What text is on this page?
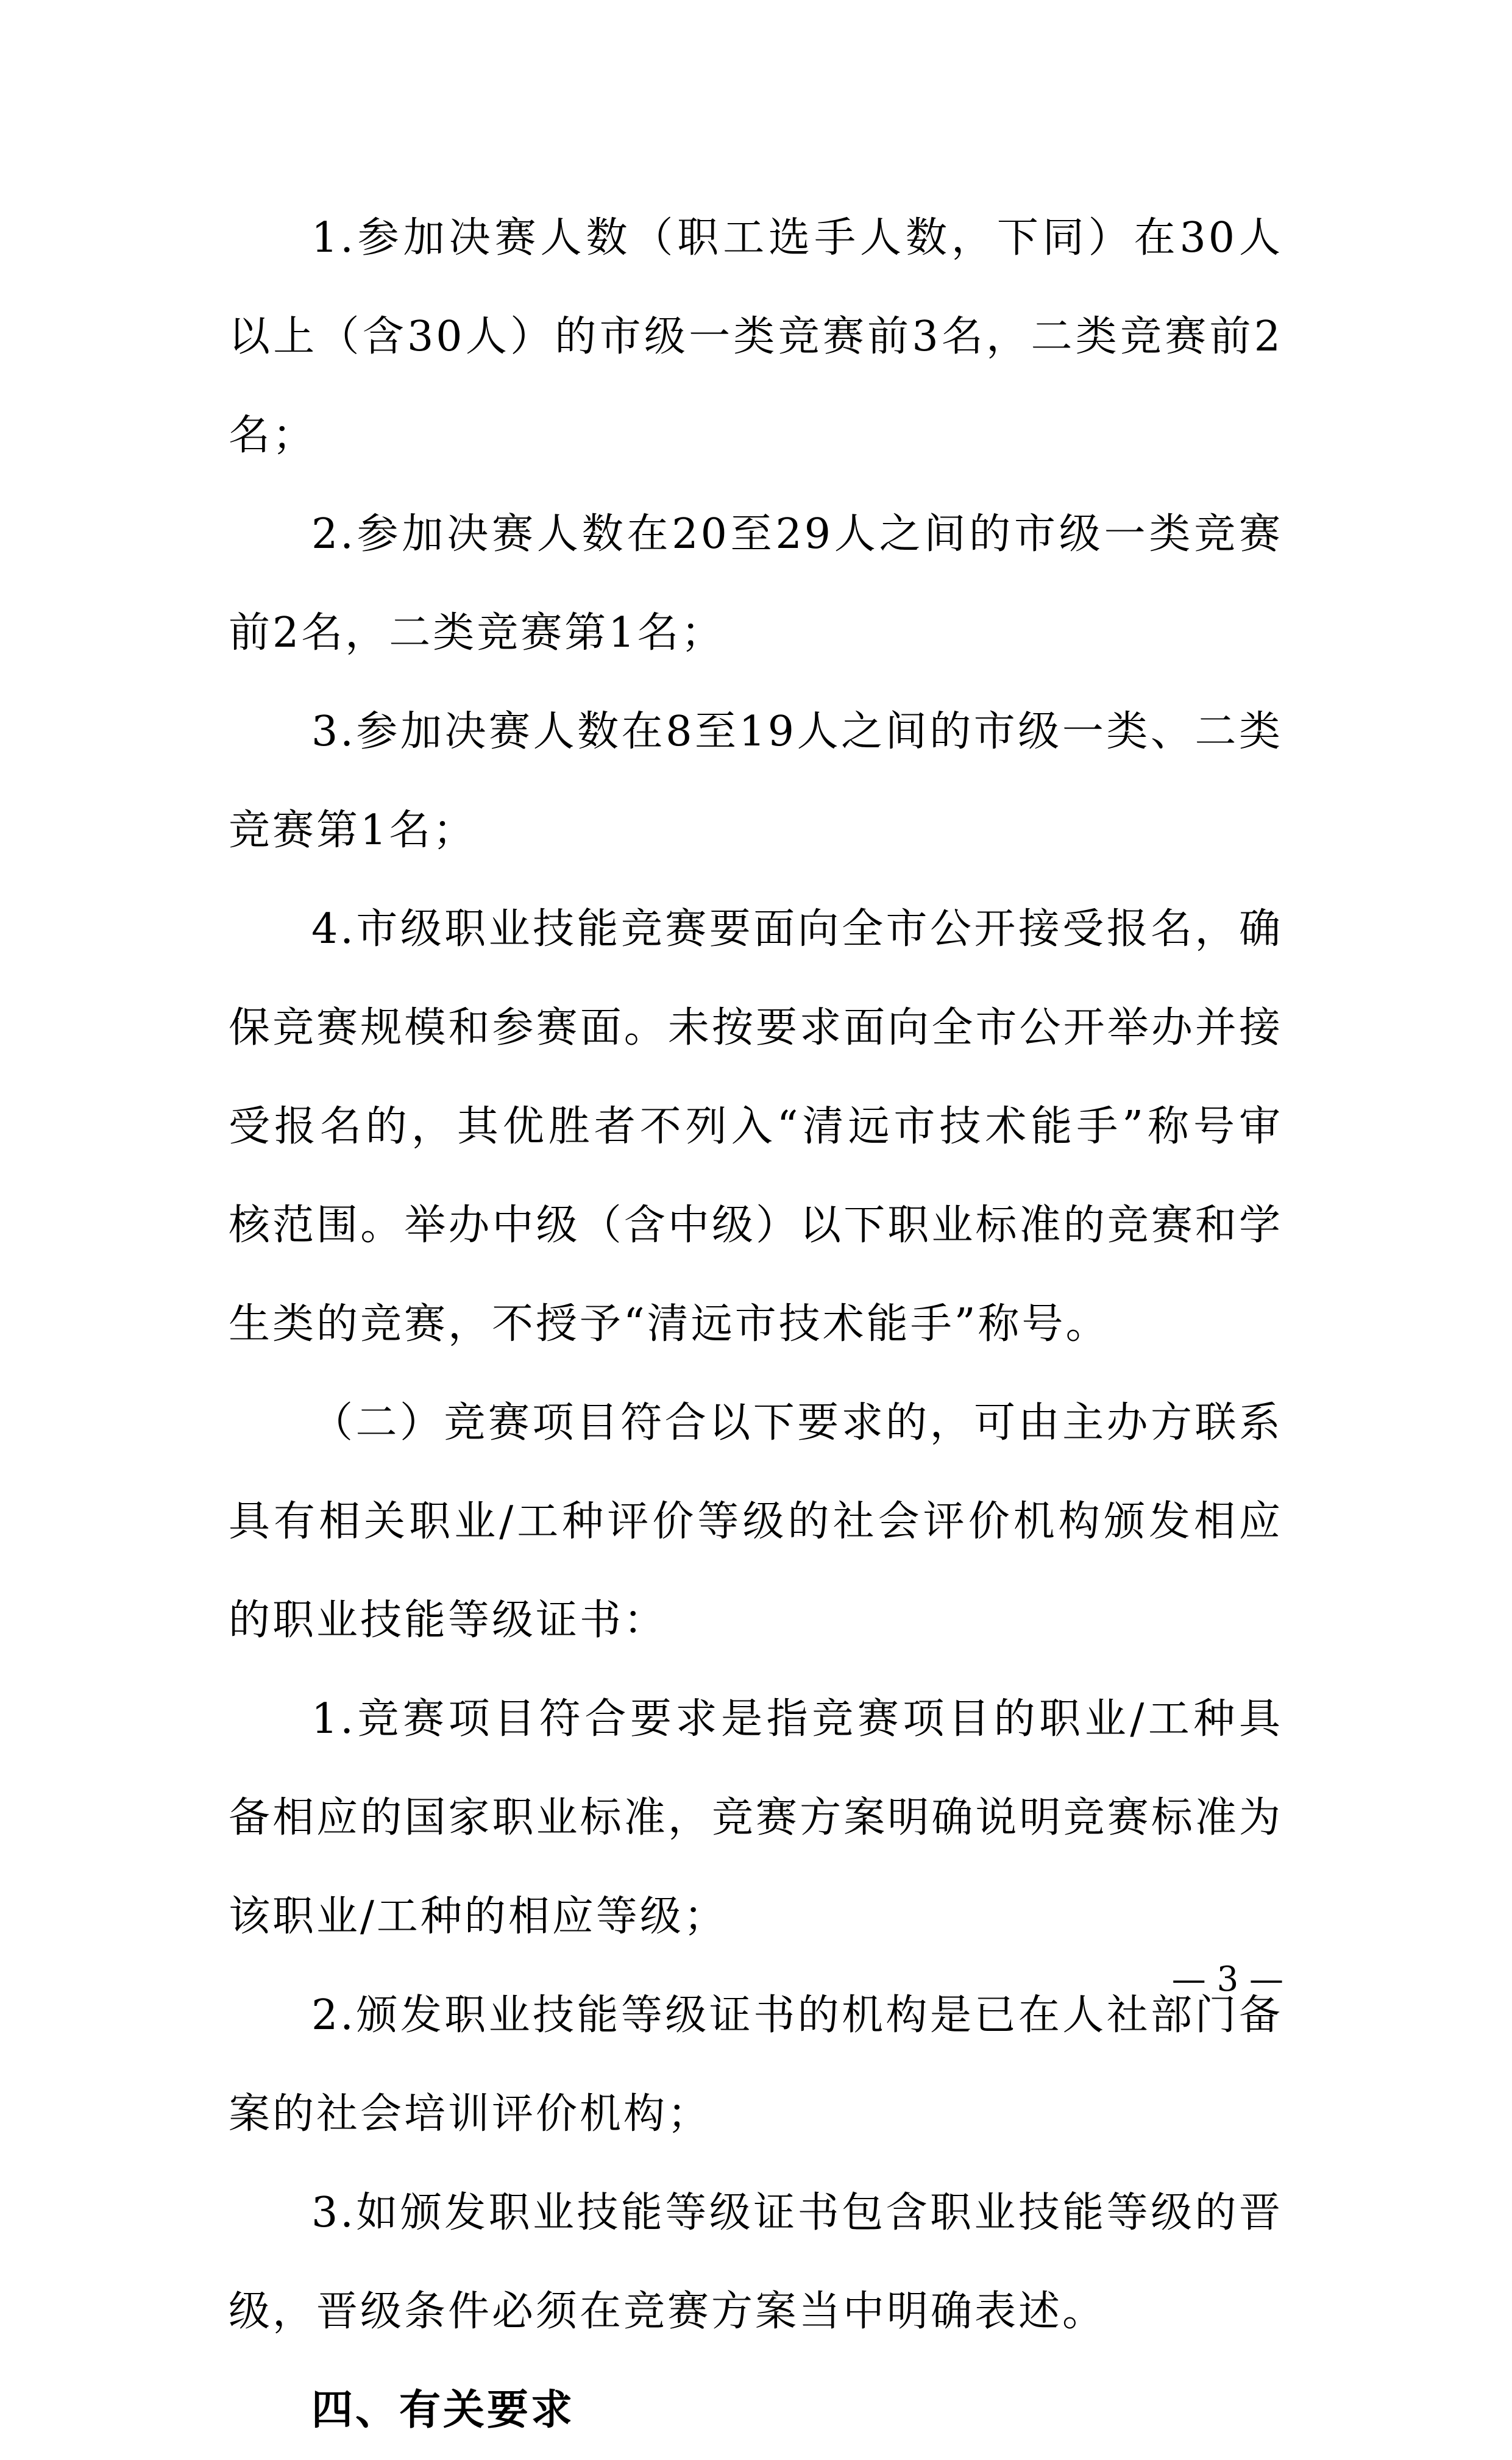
1.参加决赛人数（职工选手人数，下同）在30人以上（含30人）的市级一类竞赛前3名，二类竞赛前2名；

2.参加决赛人数在20至29人之间的市级一类竞赛前2名，二类竞赛第1名；

3.参加决赛人数在8至19人之间的市级一类、二类竞赛第1名；

4.市级职业技能竞赛要面向全市公开接受报名，确保竞赛规模和参赛面。未按要求面向全市公开举办并接受报名的，其优胜者不列入“清远市技术能手”称号审核范围。举办中级（含中级）以下职业标准的竞赛和学生类的竞赛，不授予“清远市技术能手”称号。

（二）竞赛项目符合以下要求的，可由主办方联系具有相关职业/工种评价等级的社会评价机构颁发相应的职业技能等级证书：

1.竞赛项目符合要求是指竞赛项目的职业/工种具备相应的国家职业标准，竞赛方案明确说明竞赛标准为该职业/工种的相应等级；

2.颁发职业技能等级证书的机构是已在人社部门备案的社会培训评价机构；

3.如颁发职业技能等级证书包含职业技能等级的晋级，晋级条件必须在竞赛方案当中明确表述。

四、有关要求

— 3 —
